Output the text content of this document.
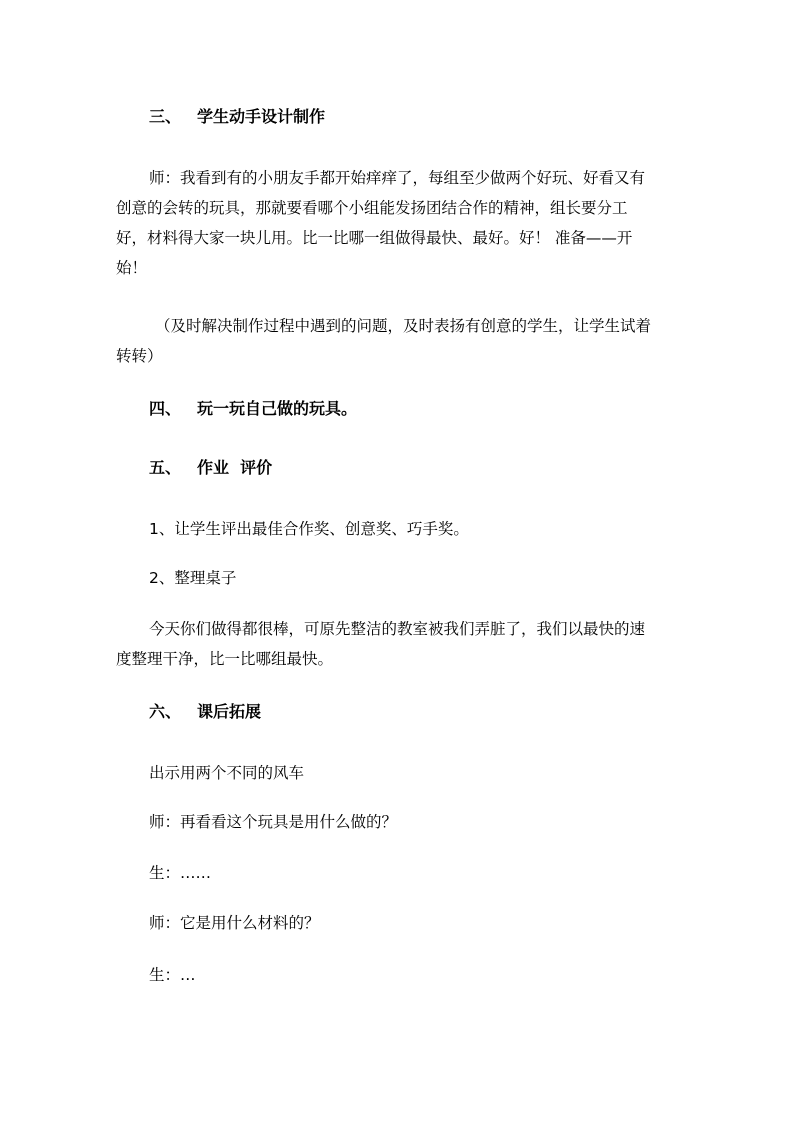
三、 学生动手设计制作
师：我看到有的小朋友手都开始痒痒了，每组至少做两个好玩、好看又有
创意的会转的玩具，那就要看哪个小组能发扬团结合作的精神，组长要分工
好，材料得大家一块儿用。比一比哪一组做得最快、最好。好！ 准备——开
始！
（及时解决制作过程中遇到的问题，及时表扬有创意的学生，让学生试着
转转）
四、 玩一玩自己做的玩具。
五、 作业  评价
1、让学生评出最佳合作奖、创意奖、巧手奖。
2、整理桌子
今天你们做得都很棒，可原先整洁的教室被我们弄脏了，我们以最快的速
度整理干净，比一比哪组最快。
六、 课后拓展
出示用两个不同的风车
师：再看看这个玩具是用什么做的？
生：……
师：它是用什么材料的？
生：…
